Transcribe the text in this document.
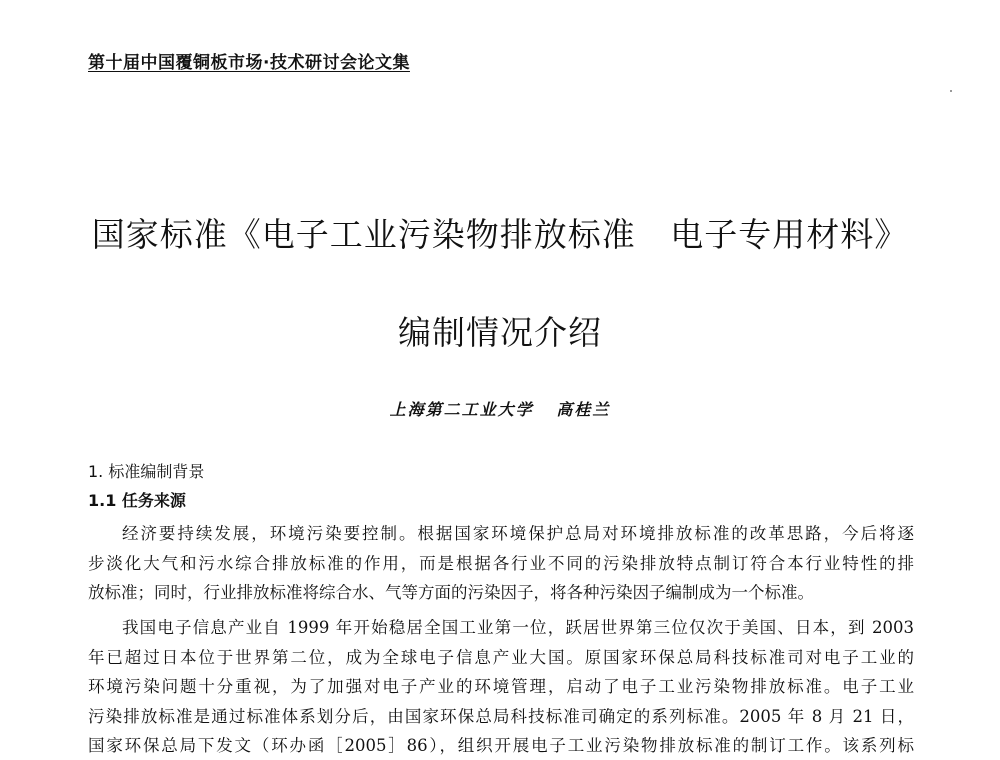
第十届中国覆铜板市场·技术研讨会论文集
国家标准《电子工业污染物排放标准   电子专用材料》
编制情况介绍
上海第二工业大学   高桂兰
1. 标准编制背景
1.1 任务来源
经济要持续发展，环境污染要控制。根据国家环境保护总局对环境排放标准的改革思路，今后将逐
步淡化大气和污水综合排放标准的作用，而是根据各行业不同的污染排放特点制订符合本行业特性的排
放标准；同时，行业排放标准将综合水、气等方面的污染因子，将各种污染因子编制成为一个标准。
我国电子信息产业自 1999 年开始稳居全国工业第一位，跃居世界第三位仅次于美国、日本，到 2003
年已超过日本位于世界第二位，成为全球电子信息产业大国。原国家环保总局科技标准司对电子工业的
环境污染问题十分重视，为了加强对电子产业的环境管理，启动了电子工业污染物排放标准。电子工业
污染排放标准是通过标准体系划分后，由国家环保总局科技标准司确定的系列标准。2005 年 8 月 21 日，
国家环保总局下发文（环办函［2005］86），组织开展电子工业污染物排放标准的制订工作。该系列标
